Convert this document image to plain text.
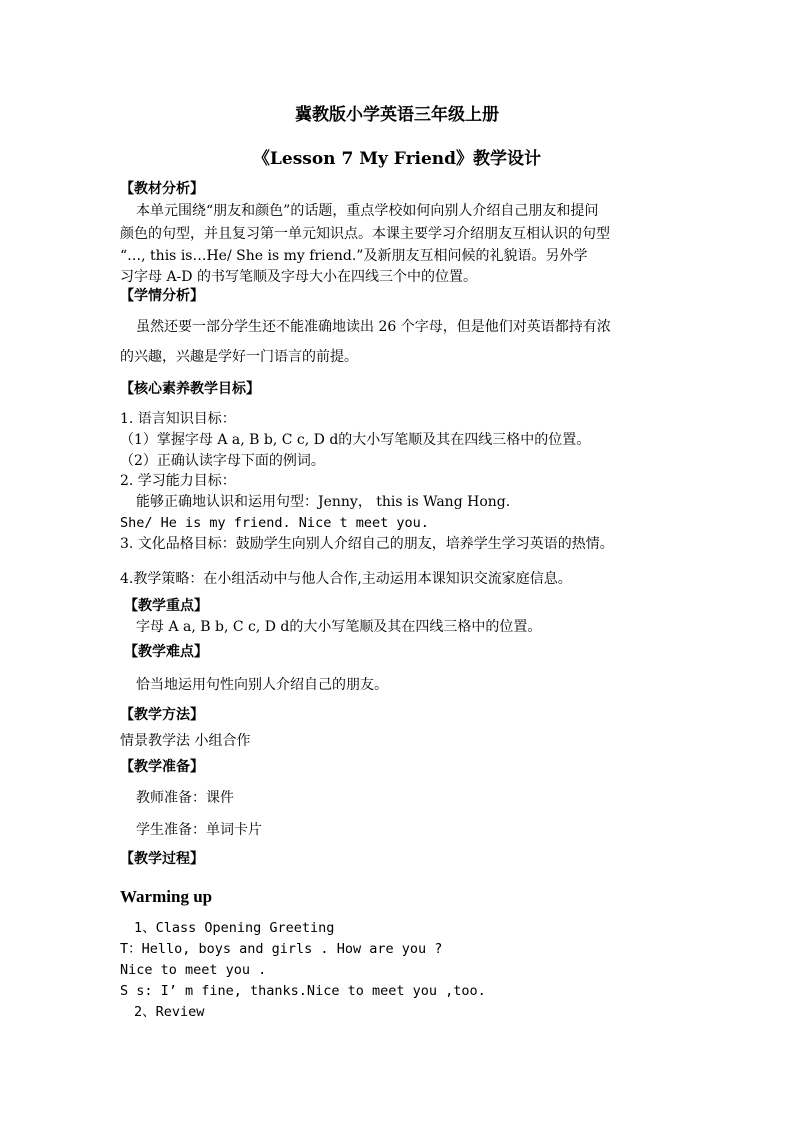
冀教版小学英语三年级上册
《Lesson 7 My Friend》教学设计
【教材分析】
本单元围绕“朋友和颜色”的话题，重点学校如何向别人介绍自己朋友和提问
颜色的句型，并且复习第一单元知识点。本课主要学习介绍朋友互相认识的句型
“…, this is…He/ She is my friend.”及新朋友互相问候的礼貌语。另外学
习字母 A-D 的书写笔顺及字母大小在四线三个中的位置。
【学情分析】
虽然还要一部分学生还不能准确地读出 26 个字母，但是他们对英语都持有浓
的兴趣，兴趣是学好一门语言的前提。
【核心素养教学目标】
1. 语言知识目标：
（1）掌握字母 A a, B b, C c, D d的大小写笔顺及其在四线三格中的位置。
（2）正确认读字母下面的例词。
2. 学习能力目标：
能够正确地认识和运用句型：Jenny， this is Wang Hong.
She/ He is my friend. Nice t meet you.
3. 文化品格目标：鼓励学生向别人介绍自己的朋友，培养学生学习英语的热情。
4.教学策略：在小组活动中与他人合作,主动运用本课知识交流家庭信息。
【教学重点】
字母 A a, B b, C c, D d的大小写笔顺及其在四线三格中的位置。
【教学难点】
恰当地运用句性向别人介绍自己的朋友。
【教学方法】
情景教学法 小组合作
【教学准备】
教师准备：课件
学生准备：单词卡片
【教学过程】
Warming up
1、Class Opening Greeting
T：Hello, boys and girls . How are you ?
Nice to meet you .
S s: I’ m fine, thanks.Nice to meet you ,too.
2、Review
